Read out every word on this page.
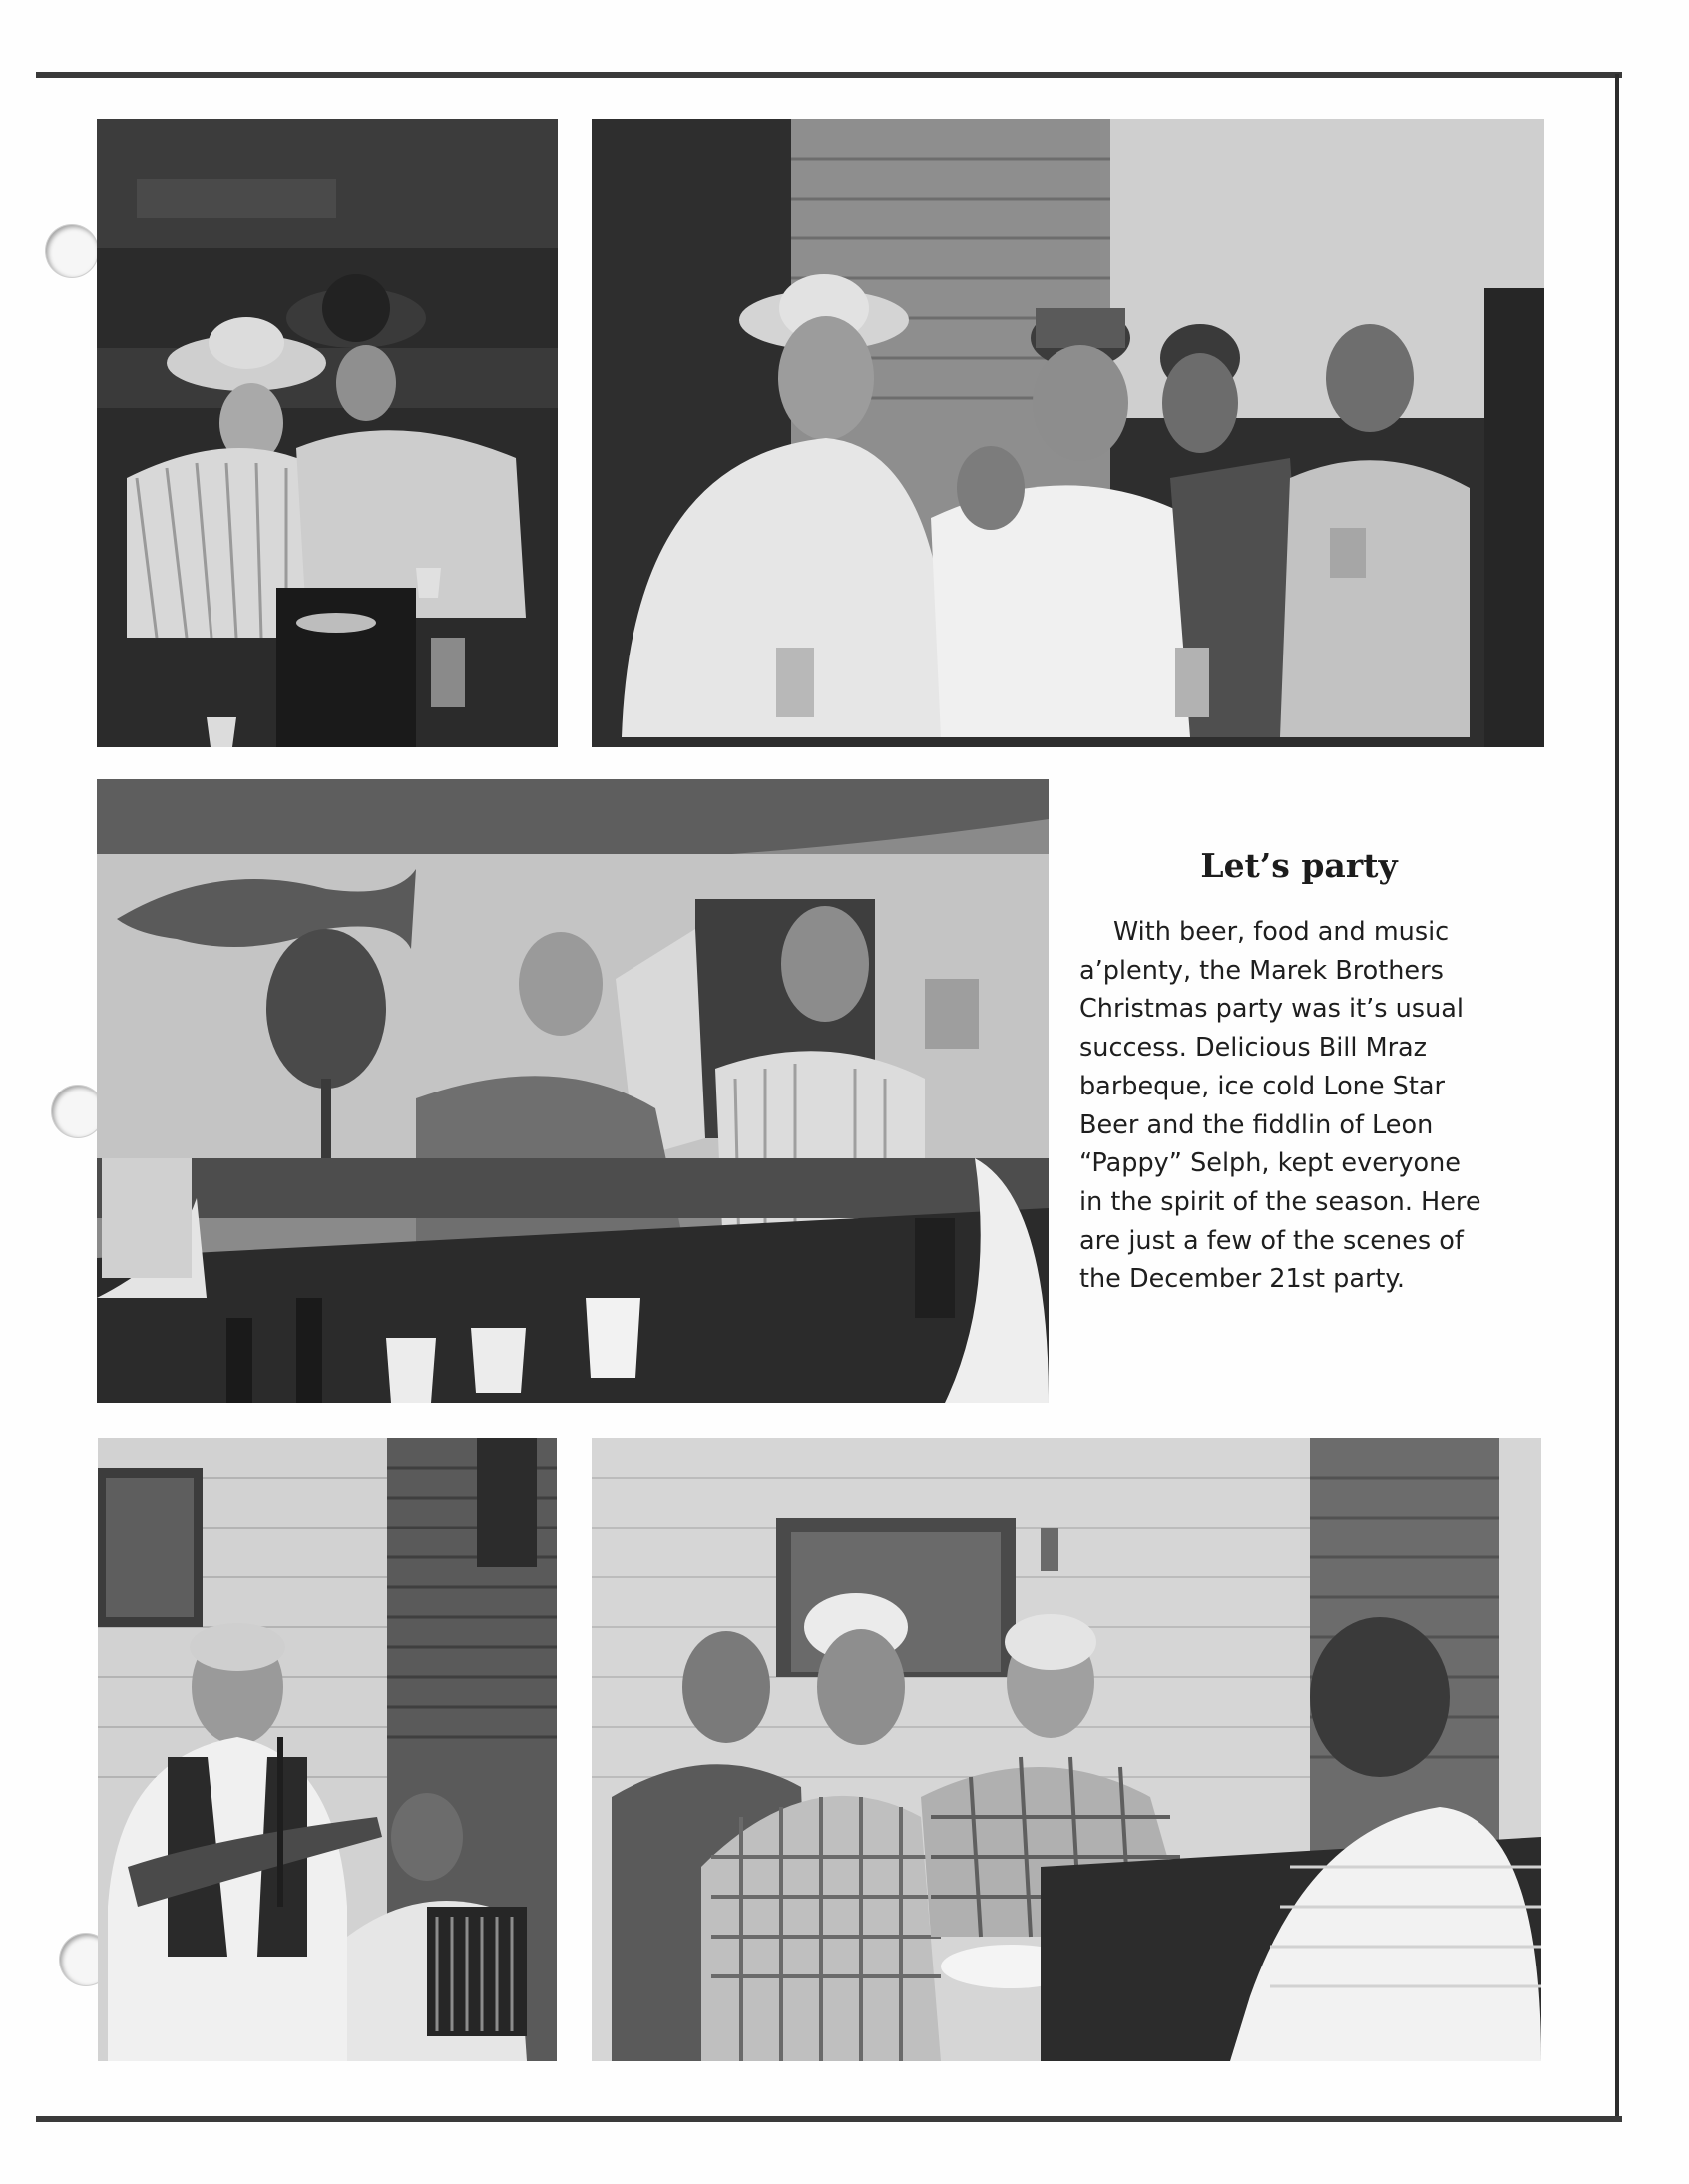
Let’s party

With beer, food and music
a’plenty, the Marek Brothers
Christmas party was it’s usual
success. Delicious Bill Mraz
barbeque, ice cold Lone Star
Beer and the fiddlin of Leon
“Pappy” Selph, kept everyone
in the spirit of the season. Here
are just a few of the scenes of
the December 21st party.
